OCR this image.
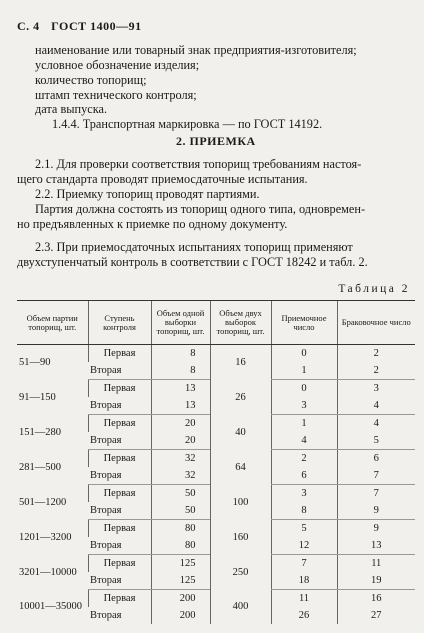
С. 4 ГОСТ 1400—91
наименование или товарный знак предприятия-изготовителя;
условное обозначение изделия;
количество топорищ;
штамп технического контроля;
дата выпуска.
1.4.4. Транспортная маркировка — по ГОСТ 14192.
2. ПРИЕМКА
2.1. Для проверки соответствия топорищ требованиям настоя-
щего стандарта проводят приемосдаточные испытания.
2.2. Приемку топорищ проводят партиями.
Партия должна состоять из топорищ одного типа, одновремен-
но предъявленных к приемке по одному документу.
2.3. При приемосдаточных испытаниях топорищ применяют
двухступенчатый контроль в соответствии с ГОСТ 18242 и табл. 2.
Таблица 2
Объем партии топорищ, шт.	Ступень контроля	Объем одной выборки топорищ, шт.	Объем двух выборок топорищ, шт.	Приемочное число	Браковочное число
51—90	Первая	8	16	0	2
	Вторая	8		1	2
91—150	Первая	13	26	0	3
	Вторая	13		3	4
151—280	Первая	20	40	1	4
	Вторая	20		4	5
281—500	Первая	32	64	2	6
	Вторая	32		6	7
501—1200	Первая	50	100	3	7
	Вторая	50		8	9
1201—3200	Первая	80	160	5	9
	Вторая	80		12	13
3201—10000	Первая	125	250	7	11
	Вторая	125		18	19
10001—35000	Первая	200	400	11	16
	Вторая	200		26	27
